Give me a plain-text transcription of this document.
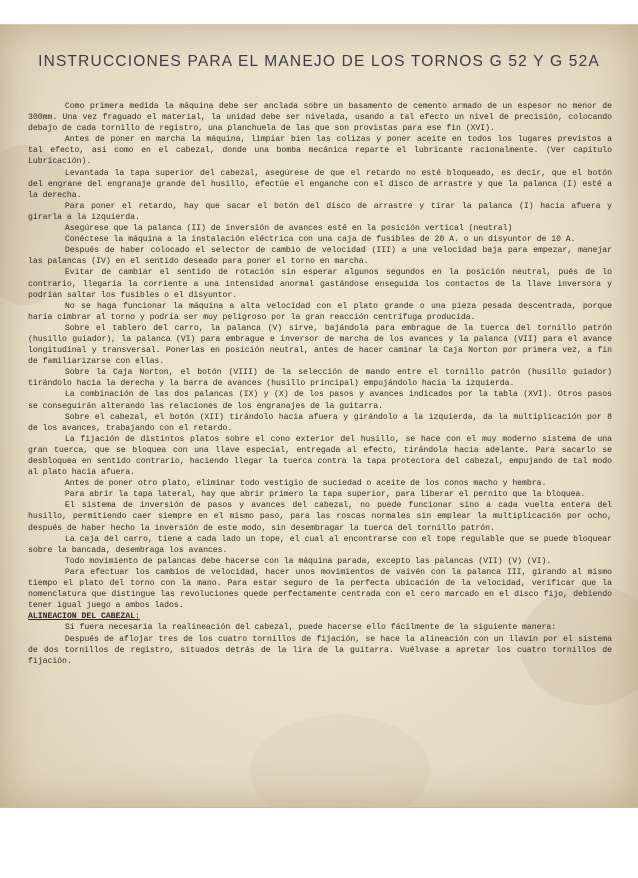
INSTRUCCIONES PARA EL MANEJO DE LOS TORNOS G 52 Y G 52A

Como primera medida la máquina debe ser anclada sobre un basamento de cemento armado de un espesor no menor de 300mm. Una vez fraguado el material, la unidad debe ser nivelada, usando a tal efecto un nivel de precisión, colocando debajo de cada tornillo de registro, una planchuela de las que son provistas para ese fin (XVI).

Antes de poner en marcha la máquina, limpiar bien las colizas y poner aceite en todos los lugares previstos a tal efecto, así como en el cabezal, donde una bomba mecánica reparte el lubricante racionalmente. (Ver capítulo Lubricación).

Levantada la tapa superior del cabezal, asegúrese de que el retardo no esté bloqueado, es decir, que el botón del engrane del engranaje grande del husillo, efectúe el enganche con el disco de arrastre y que la palanca (I) esté a la derecha.

Para poner el retardo, hay que sacar el botón del disco de arrastre y tirar la palanca (I) hacia afuera y girarla a la izquierda.

Asegúrese que la palanca (II) de inversión de avances esté en la posición vertical (neutral)

Conéctese la máquina a la instalación eléctrica con una caja de fusibles de 20 A. o un disyuntor de 10 A.

Después de haber colocado el selector de cambio de velocidad (III) a una velocidad baja para empezar, manejar las palancas (IV) en el sentido deseado para poner el torno en marcha.

Evitar de cambiar el sentido de rotación sin esperar algunos segundos en la posición neutral, pués de lo contrario, llegaría la corriente a una intensidad anormal gastándose enseguida los contactos de la llave inversora y podrían saltar los fusibles o el disyuntor.

No se haga funcionar la máquina a alta velocidad con el plato grande o una pieza pesada descentrada, porque haría cimbrar al torno y podría ser muy peligroso por la gran reacción centrífuga producida.

Sobre el tablero del carro, la palanca (V) sirve, bajándola para embrague de la tuerca del tornillo patrón (husillo guiador), la palanca (VI) para embrague e inversor de marcha de los avances y la palanca (VII) para el avance longitudinal y transversal. Ponerlas en posición neutral, antes de hacer caminar la Caja Norton por primera vez, a fin de familiarizarse con ellas.

Sobre la Caja Norton, el botón (VIII) de la selección de mando entre el tornillo patrón (husillo guiador) tirándolo hacia la derecha y la barra de avances (husillo principal) empujándolo hacia la izquierda.

La combinación de las dos palancas (IX) y (X) de los pasos y avances indicados por la tabla (XVI). Otros pasos se conseguirán alterando las relaciones de los engranajes de la guitarra.

Sobre el cabezal, el botón (XII) tirándolo hacia afuera y girándolo a la izquierda, da la multiplicación por 8 de los avances, trabajando con el retardo.

La fijación de distintos platos sobre el cono exterior del husillo, se hace con el muy moderno sistema de una gran tuerca, que se bloquea con una llave especial, entregada al efecto, tirándola hacia adelante. Para sacarlo se desbloquea en sentido contrario, haciendo llegar la tuerca contra la tapa protectora del cabezal, empujando de tal modo al plato hacia afuera.

Antes de poner otro plato, eliminar todo vestigio de suciedad o aceite de los conos macho y hembra.

Para abrir la tapa lateral, hay que abrir primero la tapa superior, para liberar el pernito que la bloquea.

El sistema de inversión de pasos y avances del cabezal, no puede funcionar sino a cada vuelta entera del husillo, permitiendo caer siempre en el mismo paso, para las roscas normales sin emplear la multiplicación por ocho, después de haber hecho la inversión de este modo, sin desembragar la tuerca del tornillo patrón.

La caja del carro, tiene a cada lado un tope, el cual al encontrarse con el tope regulable que se puede bloquear sobre la bancada, desembraga los avances.

Todo movimiento de palancas debe hacerse con la máquina parada, excepto las palancas (VII) (V) (VI).

Para efectuar los cambios de velocidad, hacer unos movimientos de vaivén con la palanca III, girando al mismo tiempo el plato del torno con la mano. Para estar seguro de la perfecta ubicación de la velocidad, verificar que la nomenclatura que distingue las revoluciones quede perfectamente centrada con el cero marcado en el disco fijo, debiendo tener igual juego a ambos lados.

ALINEACION DEL CABEZAL:

Si fuera necesaria la realineación del cabezal, puede hacerse ello fácilmente de la siguiente manera:

Después de aflojar tres de los cuatro tornillos de fijación, se hace la alineación con un llavín por el sistema de dos tornillos de registro, situados detrás de la lira de la guitarra. Vuélvase a apretar los cuatro tornillos de fijación.
